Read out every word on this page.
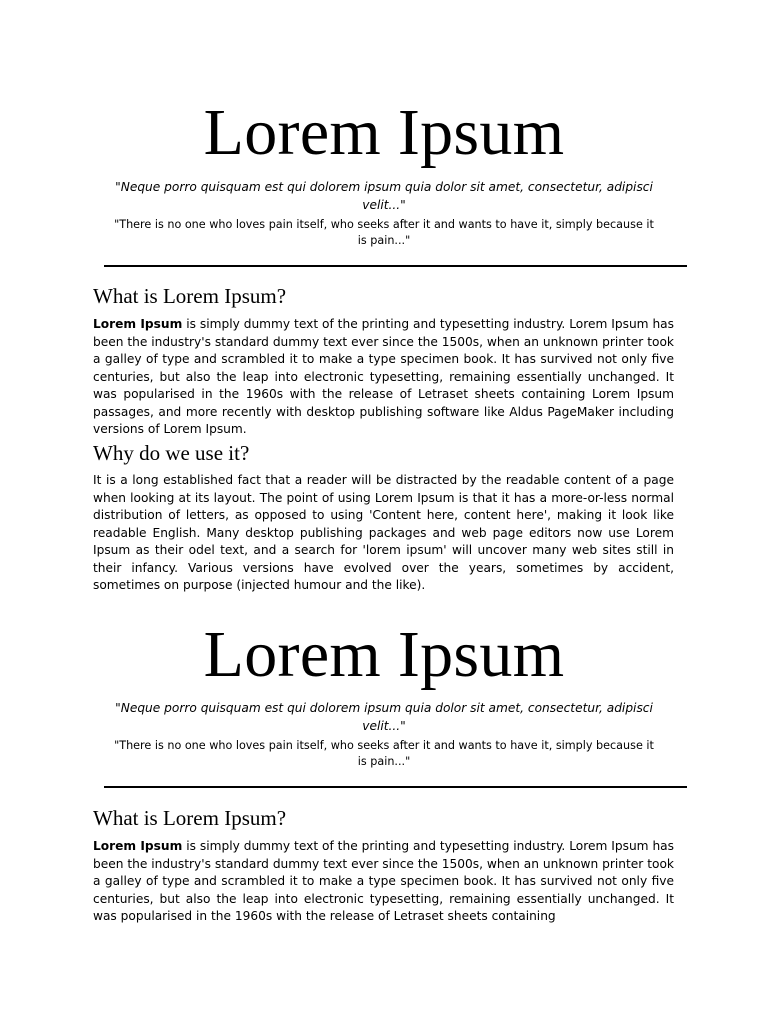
Lorem Ipsum

"Neque porro quisquam est qui dolorem ipsum quia dolor sit amet, consectetur, adipisci velit..."

"There is no one who loves pain itself, who seeks after it and wants to have it, simply because it is pain..."

What is Lorem Ipsum?

Lorem Ipsum is simply dummy text of the printing and typesetting industry. Lorem Ipsum has been the industry's standard dummy text ever since the 1500s, when an unknown printer took a galley of type and scrambled it to make a type specimen book. It has survived not only five centuries, but also the leap into electronic typesetting, remaining essentially unchanged. It was popularised in the 1960s with the release of Letraset sheets containing Lorem Ipsum passages, and more recently with desktop publishing software like Aldus PageMaker including versions of Lorem Ipsum.

Why do we use it?

It is a long established fact that a reader will be distracted by the readable content of a page when looking at its layout. The point of using Lorem Ipsum is that it has a more-or-less normal distribution of letters, as opposed to using 'Content here, content here', making it look like readable English. Many desktop publishing packages and web page editors now use Lorem Ipsum as their odel text, and a search for 'lorem ipsum' will uncover many web sites still in their infancy. Various versions have evolved over the years, sometimes by accident, sometimes on purpose (injected humour and the like).

Lorem Ipsum

"Neque porro quisquam est qui dolorem ipsum quia dolor sit amet, consectetur, adipisci velit..."

"There is no one who loves pain itself, who seeks after it and wants to have it, simply because it is pain..."

What is Lorem Ipsum?

Lorem Ipsum is simply dummy text of the printing and typesetting industry. Lorem Ipsum has been the industry's standard dummy text ever since the 1500s, when an unknown printer took a galley of type and scrambled it to make a type specimen book. It has survived not only five centuries, but also the leap into electronic typesetting, remaining essentially unchanged. It was popularised in the 1960s with the release of Letraset sheets containing
